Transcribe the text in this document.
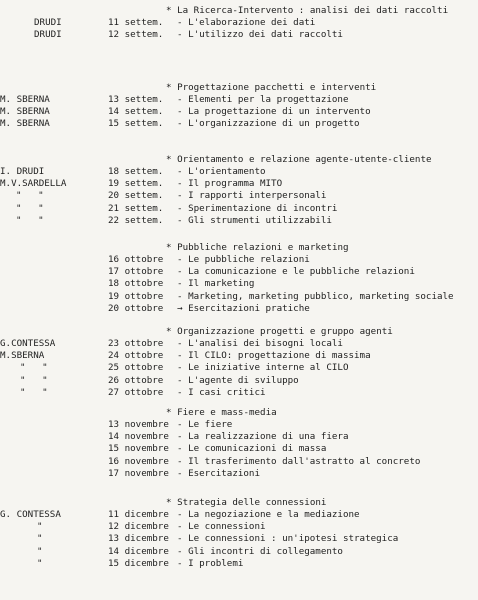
* La Ricerca-Intervento : analisi dei dati raccolti
DRUDI	11 settem. - L'elaborazione dei dati
DRUDI	12 settem. - L'utilizzo dei dati raccolti
* Progettazione pacchetti e interventi
M. SBERNA	13 settem. - Elementi per la progettazione
M. SBERNA	14 settem. - La progettazione di un intervento
M. SBERNA	15 settem. - L'organizzazione di un progetto
* Orientamento e relazione agente-utente-cliente
I. DRUDI	18 settem. - L'orientamento
M.V.SARDELLA	19 settem. - Il programma MITO
"   "	20 settem. - I rapporti interpersonali
"   "	21 settem. - Sperimentazione di incontri
"   "	22 settem. - Gli strumenti utilizzabili
* Pubbliche relazioni e marketing
16 ottobre - Le pubbliche relazioni
17 ottobre - La comunicazione e le pubbliche relazioni
18 ottobre - Il marketing
19 ottobre - Marketing, marketing pubblico, marketing sociale
20 ottobre → Esercitazioni pratiche
* Organizzazione progetti e gruppo agenti
G.CONTESSA	23 ottobre - L'analisi dei bisogni locali
M.SBERNA	24 ottobre - Il CILO: progettazione di massima
"   "	25 ottobre - Le iniziative interne al CILO
"   "	26 ottobre - L'agente di sviluppo
"   "	27 ottobre - I casi critici
* Fiere e mass-media
13 novembre - Le fiere
14 novembre - La realizzazione di una fiera
15 novembre - Le comunicazioni di massa
16 novembre - Il trasferimento dall'astratto al concreto
17 novembre - Esercitazioni
* Strategia delle connessioni
G. CONTESSA	11 dicembre - La negoziazione e la mediazione
"	12 dicembre - Le connessioni
"	13 dicembre - Le connessioni : un'ipotesi strategica
"	14 dicembre - Gli incontri di collegamento
"	15 dicembre - I problemi
